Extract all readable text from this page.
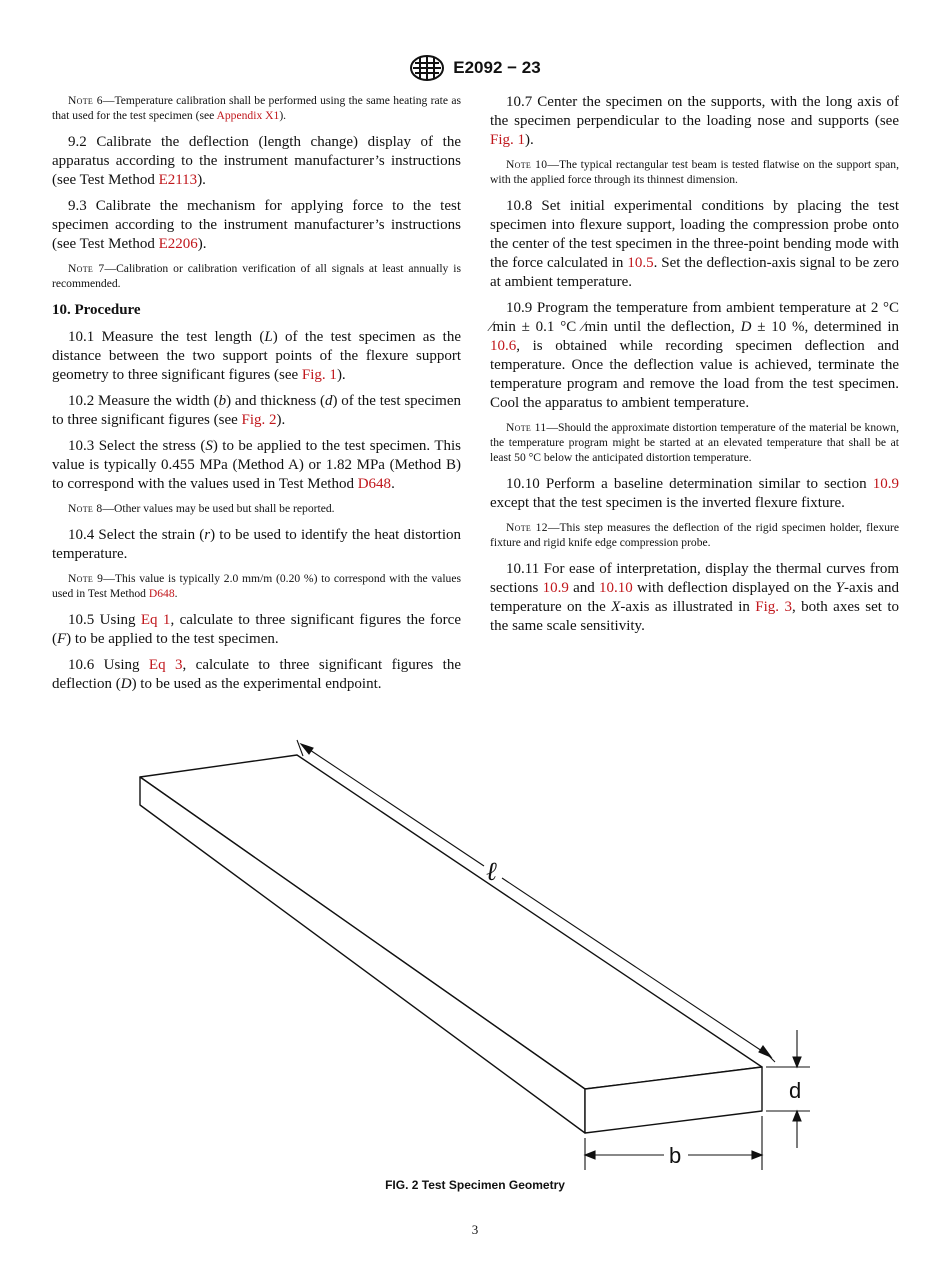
E2092 − 23

Note 6—Temperature calibration shall be performed using the same heating rate as that used for the test specimen (see Appendix X1).

9.2 Calibrate the deflection (length change) display of the apparatus according to the instrument manufacturer’s instructions (see Test Method E2113).

9.3 Calibrate the mechanism for applying force to the test specimen according to the instrument manufacturer’s instructions (see Test Method E2206).

Note 7—Calibration or calibration verification of all signals at least annually is recommended.

10. Procedure

10.1 Measure the test length (L) of the test specimen as the distance between the two support points of the flexure support geometry to three significant figures (see Fig. 1).

10.2 Measure the width (b) and thickness (d) of the test specimen to three significant figures (see Fig. 2).

10.3 Select the stress (S) to be applied to the test specimen. This value is typically 0.455 MPa (Method A) or 1.82 MPa (Method B) to correspond with the values used in Test Method D648.

Note 8—Other values may be used but shall be reported.

10.4 Select the strain (r) to be used to identify the heat distortion temperature.

Note 9—This value is typically 2.0 mm/m (0.20 %) to correspond with the values used in Test Method D648.

10.5 Using Eq 1, calculate to three significant figures the force (F) to be applied to the test specimen.

10.6 Using Eq 3, calculate to three significant figures the deflection (D) to be used as the experimental endpoint.

10.7 Center the specimen on the supports, with the long axis of the specimen perpendicular to the loading nose and supports (see Fig. 1).

Note 10—The typical rectangular test beam is tested flatwise on the support span, with the applied force through its thinnest dimension.

10.8 Set initial experimental conditions by placing the test specimen into flexure support, loading the compression probe onto the center of the test specimen in the three-point bending mode with the force calculated in 10.5. Set the deflection-axis signal to be zero at ambient temperature.

10.9 Program the temperature from ambient temperature at 2 °C ⁄min ± 0.1 °C ⁄min until the deflection, D ± 10 %, determined in 10.6, is obtained while recording specimen deflection and temperature. Once the deflection value is achieved, terminate the temperature program and remove the load from the test specimen. Cool the apparatus to ambient temperature.

Note 11—Should the approximate distortion temperature of the material be known, the temperature program might be started at an elevated temperature that shall be at least 50 °C below the anticipated distortion temperature.

10.10 Perform a baseline determination similar to section 10.9 except that the test specimen is the inverted flexure fixture.

Note 12—This step measures the deflection of the rigid specimen holder, flexure fixture and rigid knife edge compression probe.

10.11 For ease of interpretation, display the thermal curves from sections 10.9 and 10.10 with deflection displayed on the Y-axis and temperature on the X-axis as illustrated in Fig. 3, both axes set to the same scale sensitivity.

ℓ
d
b
FIG. 2 Test Specimen Geometry
3
